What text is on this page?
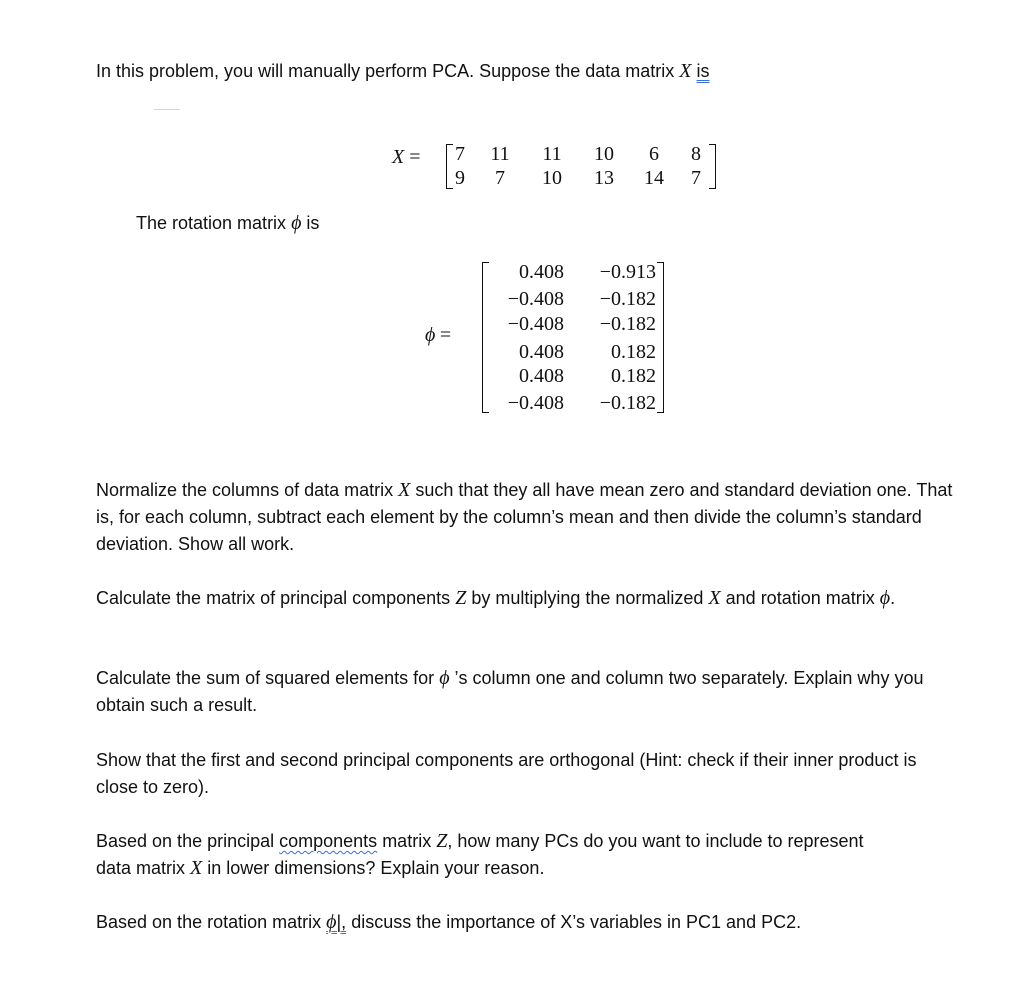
In this problem, you will manually perform PCA. Suppose the data matrix X is

X =	7	11	11	10	6	8
9	7	10	13	14	7

The rotation matrix ϕ is

ϕ =
0.408	−0.913
−0.408	−0.182
−0.408	−0.182
0.408	0.182
0.408	0.182
−0.408	−0.182

Normalize the columns of data matrix X such that they all have mean zero and standard deviation one. That is, for each column, subtract each element by the column’s mean and then divide the column’s standard deviation. Show all work.

Calculate the matrix of principal components Z by multiplying the normalized X and rotation matrix ϕ.

Calculate the sum of squared elements for ϕ ’s column one and column two separately. Explain why you obtain such a result.

Show that the first and second principal components are orthogonal (Hint: check if their inner product is close to zero).

Based on the principal components matrix Z, how many PCs do you want to include to represent data matrix X in lower dimensions? Explain your reason.

Based on the rotation matrix ϕ|, discuss the importance of X’s variables in PC1 and PC2.
